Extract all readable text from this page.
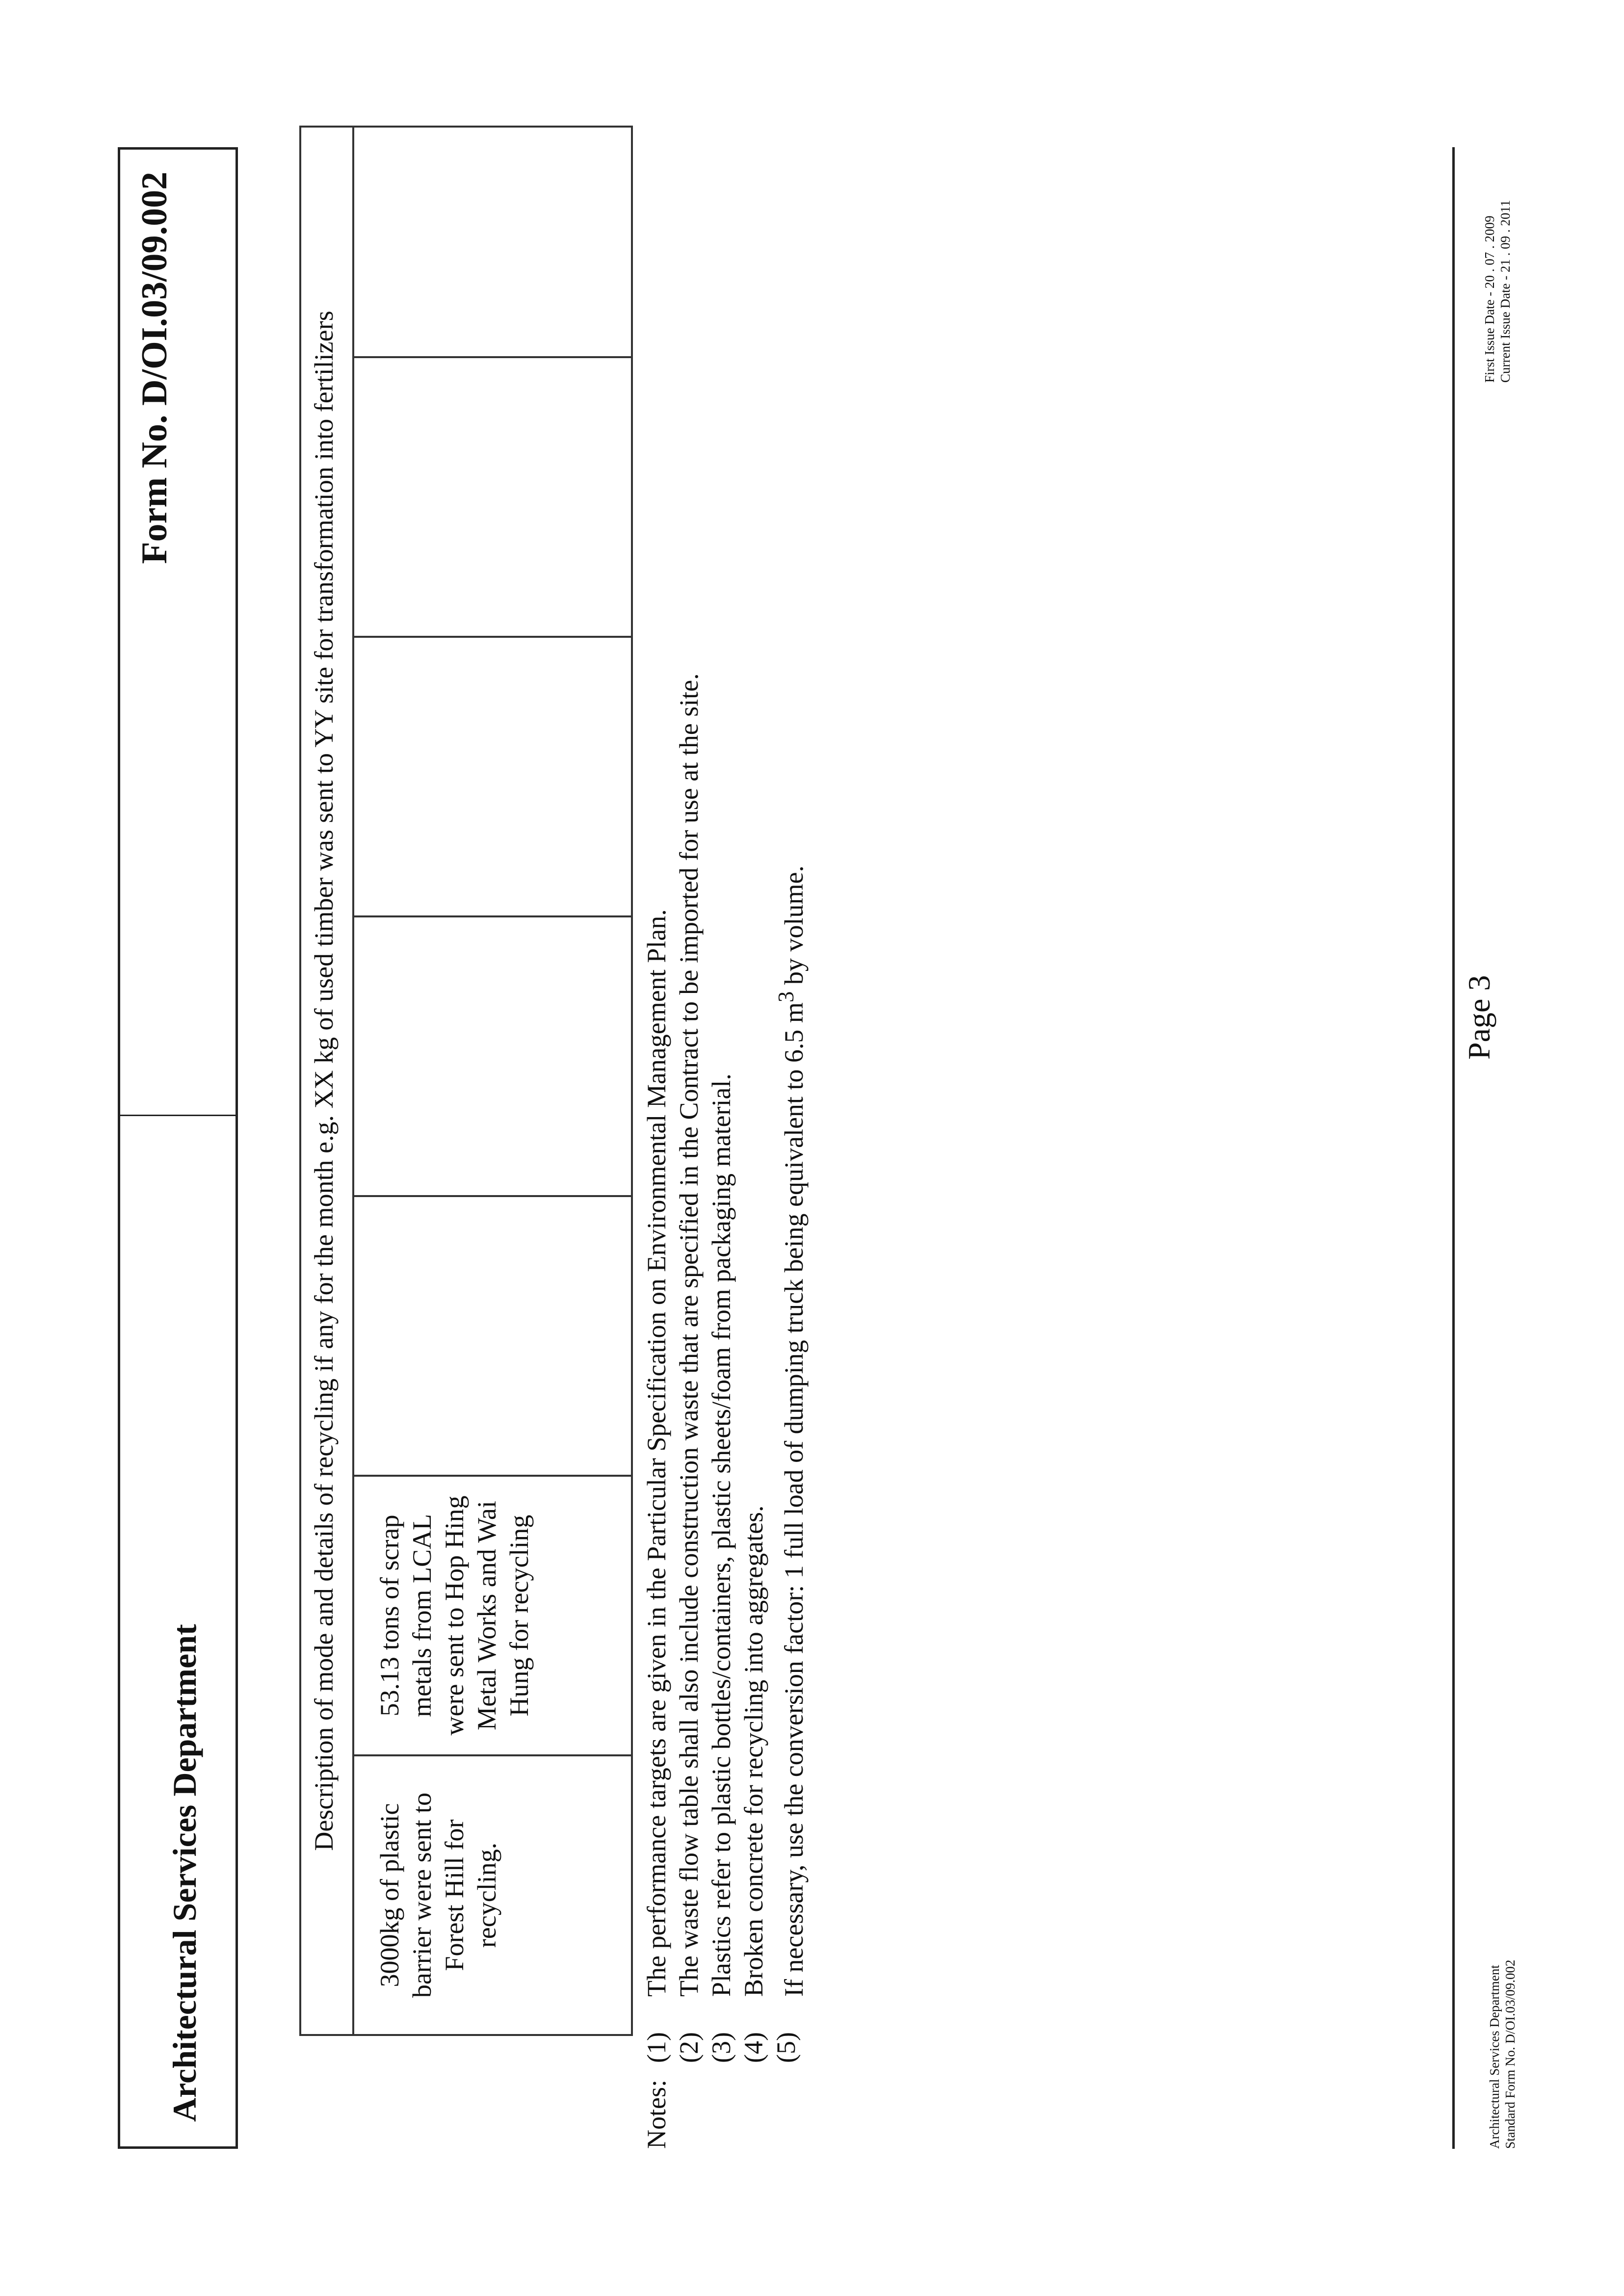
Architectural Services Department
Form No. D/OI.03/09.002	Description of mode and details of recycling if any for the month e.g. XX kg of used timber was sent to YY site for transformation into fertilizers
3000kg of plastic barrier were sent to Forest Hill for recycling.	53.13 tons of scrap metals from LCAL were sent to Hop Hing Metal Works and Wai Hung for recycling					
Notes:
(1)
The performance targets are given in the Particular Specification on Environmental Management Plan.
(2)
The waste flow table shall also include construction waste that are specified in the Contract to be imported for use at the site.
(3)
Plastics refer to plastic bottles/containers, plastic sheets/foam from packaging material.
(4)
Broken concrete for recycling into aggregates.
(5)
If necessary, use the conversion factor: 1 full load of dumping truck being equivalent to 6.5 $m^3$ by volume.
Page 3
Architectural Services Department Standard Form No. D/OI.03/09.002
First Issue Date - 20 . 07 . 2009 Current Issue Date - 21 . 09 . 2011
